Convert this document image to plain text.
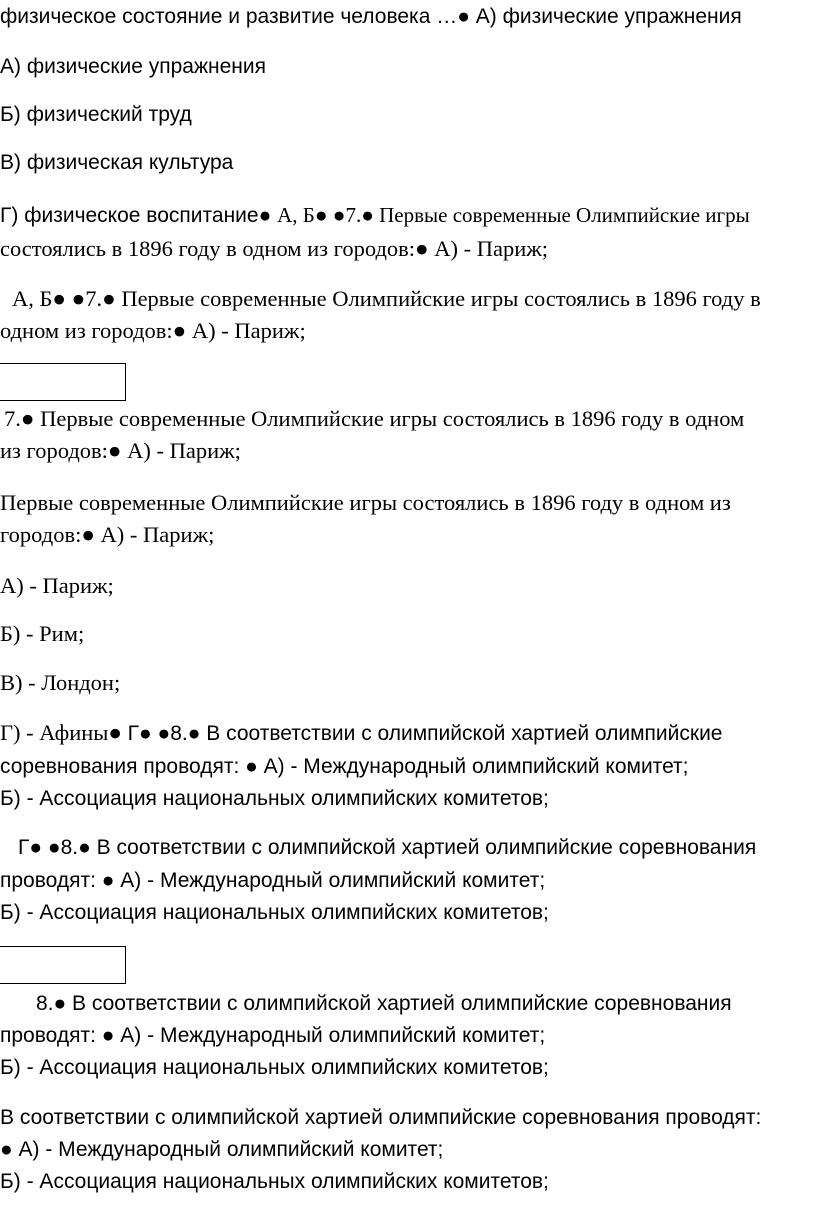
физическое состояние и развитие человека …● А) физические упражнения
А) физические упражнения
Б) физический труд
В) физическая культура
Г) физическое воспитание● А, Б● ●7.● Первые современные Олимпийские игры
состоялись в 1896 году в одном из городов:● А) - Париж;
А, Б● ●7.● Первые современные Олимпийские игры состоялись в 1896 году в
одном из городов:● А) - Париж;
7.● Первые современные Олимпийские игры состоялись в 1896 году в одном
из городов:● А) - Париж;
Первые современные Олимпийские игры состоялись в 1896 году в одном из
городов:● А) - Париж;
А) - Париж;
Б) - Рим;
В) - Лондон;
Г) - Афины● Г● ●8.● В соответствии с олимпийской хартией олимпийские
соревнования проводят: ● А) - Международный олимпийский комитет;
Б) - Ассоциация национальных олимпийских комитетов;
Г● ●8.● В соответствии с олимпийской хартией олимпийские соревнования
проводят: ● А) - Международный олимпийский комитет;
Б) - Ассоциация национальных олимпийских комитетов;
8.● В соответствии с олимпийской хартией олимпийские соревнования
проводят: ● А) - Международный олимпийский комитет;
Б) - Ассоциация национальных олимпийских комитетов;
В соответствии с олимпийской хартией олимпийские соревнования проводят:
● А) - Международный олимпийский комитет;
Б) - Ассоциация национальных олимпийских комитетов;
